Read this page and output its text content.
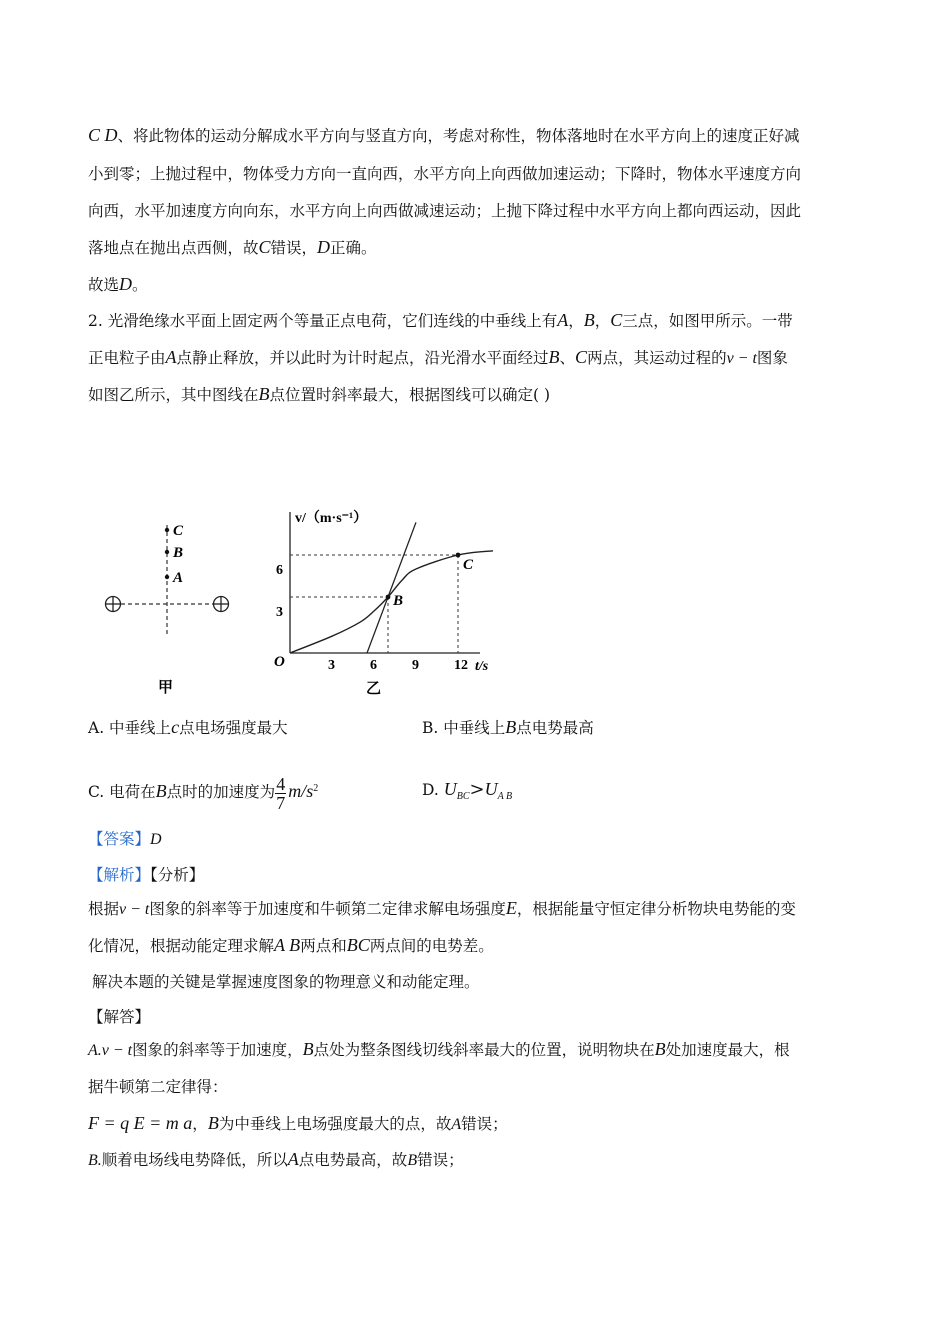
C D、将此物体的运动分解成水平方向与竖直方向，考虑对称性，物体落地时在水平方向上的速度正好减
小到零；上抛过程中，物体受力方向一直向西，水平方向上向西做加速运动；下降时，物体水平速度方向
向西，水平加速度方向向东，水平方向上向西做减速运动；上抛下降过程中水平方向上都向西运动，因此
落地点在抛出点西侧，故C错误，D正确。
故选D。
2. 光滑绝缘水平面上固定两个等量正点电荷，它们连线的中垂线上有A，B，C三点，如图甲所示。一带
正电粒子由A点静止释放，并以此时为计时起点，沿光滑水平面经过B、C两点，其运动过程的v − t图象
如图乙所示，其中图线在B点位置时斜率最大，根据图线可以确定( )
C
B
A
甲
v/（m·s⁻¹）
t/s
O	3	6	9	12
3
6
B
C
乙
A. 中垂线上c点电场强度最大	B. 中垂线上B点电势最高
C. 电荷在B点时的加速度为 $\frac{4}{7} m/s^2$	D. $U_{BC}>U_{A B}$
【答案】D
【解析】【分析】
根据v − t图象的斜率等于加速度和牛顿第二定律求解电场强度E，根据能量守恒定律分析物块电势能的变
化情况，根据动能定理求解A B两点和BC两点间的电势差。
解决本题的关键是掌握速度图象的物理意义和动能定理。
【解答】
A.v − t图象的斜率等于加速度，B点处为整条图线切线斜率最大的位置，说明物块在B处加速度最大，根
据牛顿第二定律得：
F = q E = m a，B为中垂线上电场强度最大的点，故A错误；
B.顺着电场线电势降低，所以A点电势最高，故B错误；
